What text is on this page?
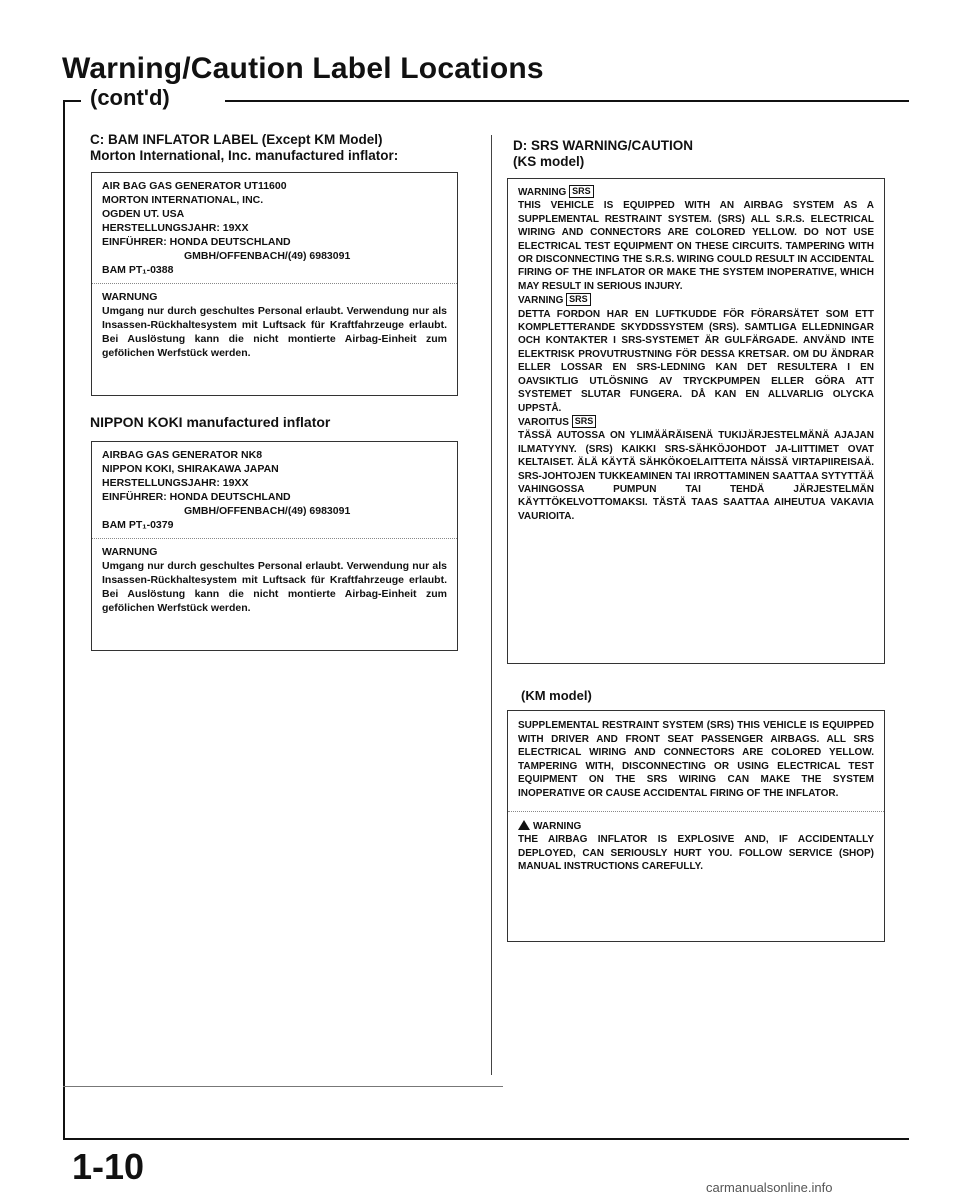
Warning/Caution Label Locations
(cont'd)
C: BAM INFLATOR LABEL (Except KM Model)
Morton International, Inc. manufactured inflator:
AIR BAG GAS GENERATOR UT11600
MORTON INTERNATIONAL, INC.
OGDEN UT. USA
HERSTELLUNGSJAHR: 19XX
EINFÜHRER: HONDA DEUTSCHLAND
GMBH/OFFENBACH/(49) 6983091
BAM PT₁-0388
WARNUNG
Umgang nur durch geschultes Personal erlaubt. Verwendung nur als Insassen-Rückhaltesystem mit Luftsack für Kraftfahrzeuge erlaubt. Bei Auslöstung kann die nicht montierte Airbag-Einheit zum geföIichen Werfstück werden.
NIPPON KOKI manufactured inflator
AIRBAG GAS GENERATOR NK8
NIPPON KOKI, SHIRAKAWA JAPAN
HERSTELLUNGSJAHR: 19XX
EINFÜHRER: HONDA DEUTSCHLAND
GMBH/OFFENBACH/(49) 6983091
BAM PT₁-0379
WARNUNG
Umgang nur durch geschultes Personal erlaubt. Verwendung nur als Insassen-Rückhaltesystem mit Luftsack für Kraftfahrzeuge erlaubt. Bei Auslöstung kann die nicht montierte Airbag-Einheit zum gefölichen Werfstück werden.
D: SRS WARNING/CAUTION
(KS model)
WARNING SRS
THIS VEHICLE IS EQUIPPED WITH AN AIRBAG SYSTEM AS A SUPPLEMENTAL RESTRAINT SYSTEM. (SRS) ALL S.R.S. ELECTRICAL WIRING AND CONNECTORS ARE COLORED YELLOW. DO NOT USE ELECTRICAL TEST EQUIPMENT ON THESE CIRCUITS. TAMPERING WITH OR DISCONNECTING THE S.R.S. WIRING COULD RESULT IN ACCIDENTAL FIRING OF THE INFLATOR OR MAKE THE SYSTEM INOPERATIVE, WHICH MAY RESULT IN SERIOUS INJURY.
VARNING SRS
DETTA FORDON HAR EN LUFTKUDDE FÖR FÖRARSÄTET SOM ETT KOMPLETTERANDE SKYDDSSYSTEM (SRS). SAMTLIGA ELLEDNINGAR OCH KONTAKTER I SRS-SYSTEMET ÄR GULFÄRGADE. ANVÄND INTE ELEKTRISK PROVUTRUSTNING FÖR DESSA KRETSAR. OM DU ÄNDRAR ELLER LOSSAR EN SRS-LEDNING KAN DET RESULTERA I EN OAVSIKTLIG UTLÖSNING AV TRYCKPUMPEN ELLER GÖRA ATT SYSTEMET SLUTAR FUNGERA. DÅ KAN EN ALLVARLIG OLYCKA UPPSTÅ.
VAROITUS SRS
TÄSSÄ AUTOSSA ON YLIMÄÄRÄISENÄ TUKIJÄRJESTELMÄNÄ AJAJAN ILMATYYNY. (SRS) KAIKKI SRS-SÄHKÖJOHDOT JA-LIITTIMET OVAT KELTAISET. ÄLÄ KÄYTÄ SÄHKÖKOELAITTEITA NÄISSÄ VIRTAPIIREISAÄ. SRS-JOHTOJEN TUKKEAMINEN TAI IRROTTAMINEN SAATTAA SYTYTTÄÄ VAHINGOSSA PUMPUN TAI TEHDÄ JÄRJESTELMÄN KÄYTTÖKELVOTTOMAKSI. TÄSTÄ TAAS SAATTAA AIHEUTUA VAKAVIA VAURIOITA.
(KM model)
SUPPLEMENTAL RESTRAINT SYSTEM (SRS) THIS VEHICLE IS EQUIPPED WITH DRIVER AND FRONT SEAT PASSENGER AIRBAGS. ALL SRS ELECTRICAL WIRING AND CONNECTORS ARE COLORED YELLOW. TAMPERING WITH, DISCONNECTING OR USING ELECTRICAL TEST EQUIPMENT ON THE SRS WIRING CAN MAKE THE SYSTEM INOPERATIVE OR CAUSE ACCIDENTAL FIRING OF THE INFLATOR.
WARNING
THE AIRBAG INFLATOR IS EXPLOSIVE AND, IF ACCIDENTALLY DEPLOYED, CAN SERIOUSLY HURT YOU. FOLLOW SERVICE (SHOP) MANUAL INSTRUCTIONS CAREFULLY.
1-10
carmanualsonline.info
